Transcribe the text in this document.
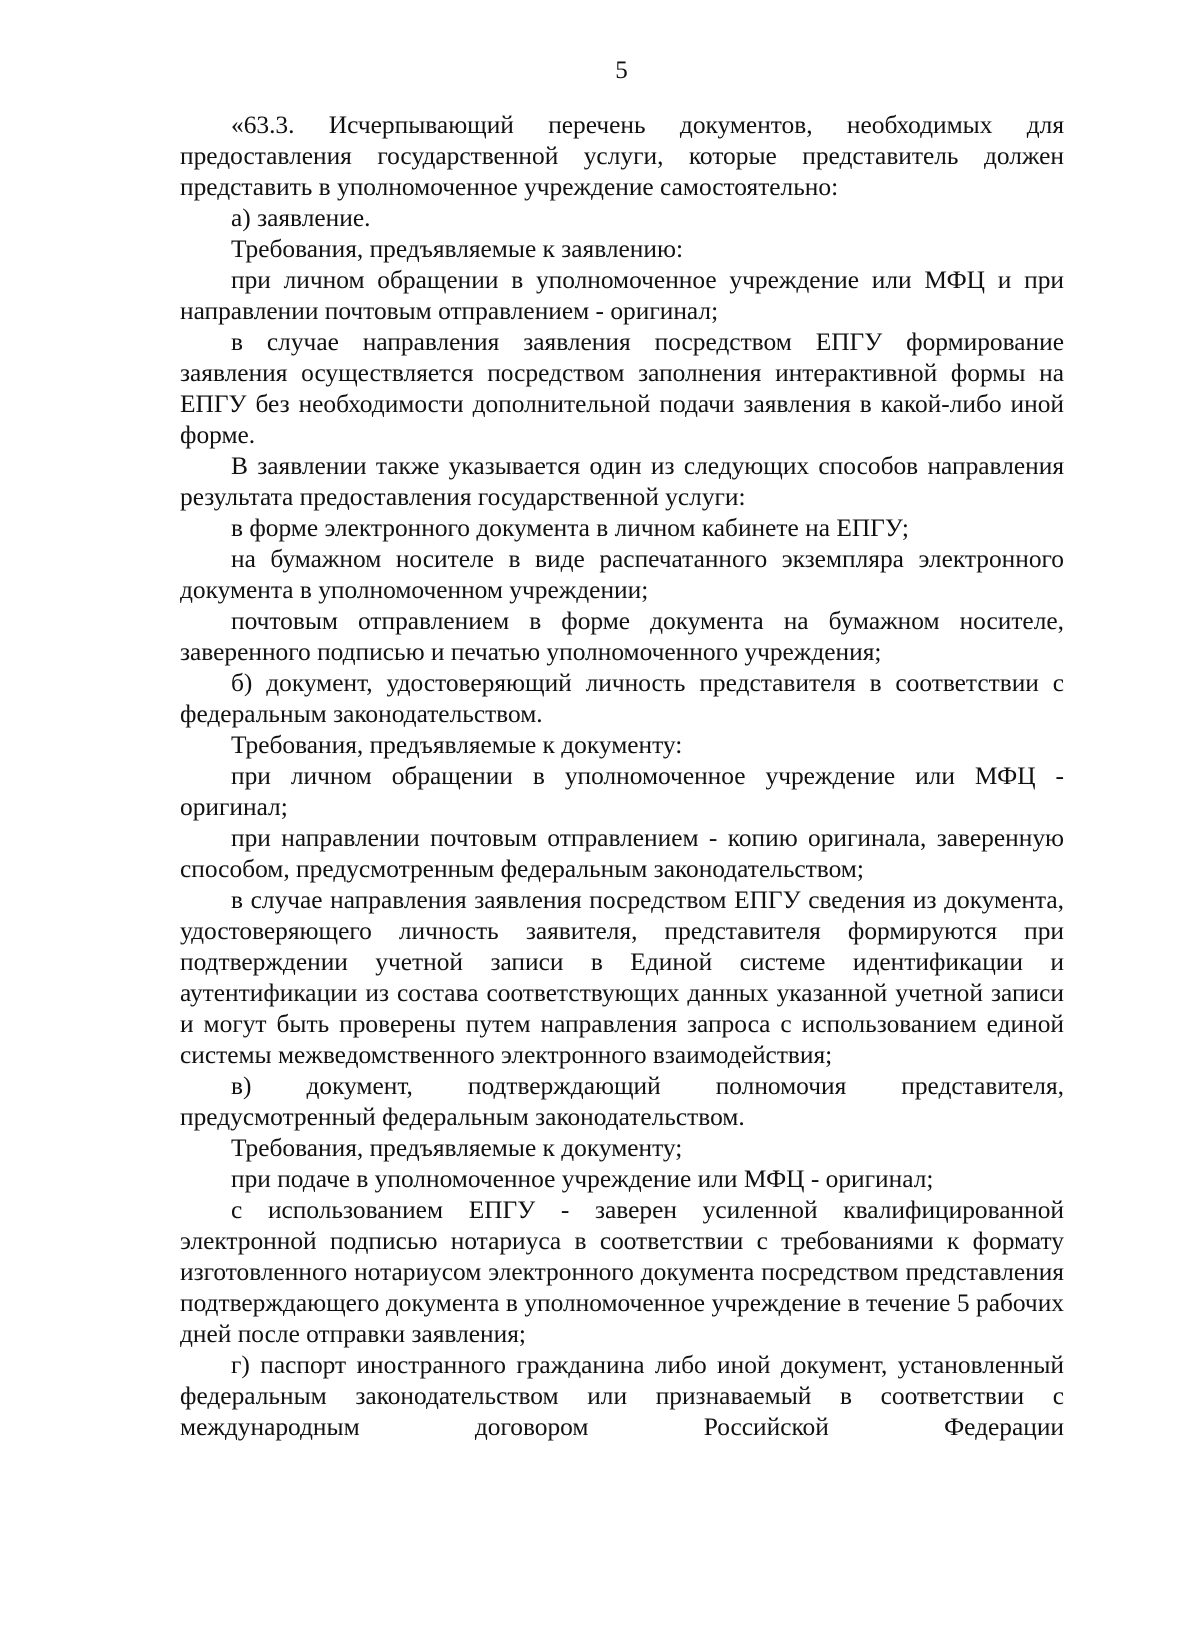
5

«63.3. Исчерпывающий перечень документов, необходимых для предоставления государственной услуги, которые представитель должен представить в уполномоченное учреждение самостоятельно:

а) заявление.

Требования, предъявляемые к заявлению:

при личном обращении в уполномоченное учреждение или МФЦ и при направлении почтовым отправлением - оригинал;

в случае направления заявления посредством ЕПГУ формирование заявления осуществляется посредством заполнения интерактивной формы на ЕПГУ без необходимости дополнительной подачи заявления в какой-либо иной форме.

В заявлении также указывается один из следующих способов направления результата предоставления государственной услуги:

в форме электронного документа в личном кабинете на ЕПГУ;

на бумажном носителе в виде распечатанного экземпляра электронного документа в уполномоченном учреждении;

почтовым отправлением в форме документа на бумажном носителе, заверенного подписью и печатью уполномоченного учреждения;

б) документ, удостоверяющий личность представителя в соответствии с федеральным законодательством.

Требования, предъявляемые к документу:

при личном обращении в уполномоченное учреждение или МФЦ - оригинал;

при направлении почтовым отправлением - копию оригинала, заверенную способом, предусмотренным федеральным законодательством;

в случае направления заявления посредством ЕПГУ сведения из документа, удостоверяющего личность заявителя, представителя формируются при подтверждении учетной записи в Единой системе идентификации и аутентификации из состава соответствующих данных указанной учетной записи и могут быть проверены путем направления запроса с использованием единой системы межведомственного электронного взаимодействия;

в) документ, подтверждающий полномочия представителя, предусмотренный федеральным законодательством.

Требования, предъявляемые к документу;

при подаче в уполномоченное учреждение или МФЦ - оригинал;

с использованием ЕПГУ - заверен усиленной квалифицированной электронной подписью нотариуса в соответствии с требованиями к формату изготовленного нотариусом электронного документа посредством представления подтверждающего документа в уполномоченное учреждение в течение 5 рабочих дней после отправки заявления;

г) паспорт иностранного гражданина либо иной документ, установленный федеральным законодательством или признаваемый в соответствии с международным договором Российской Федерации
